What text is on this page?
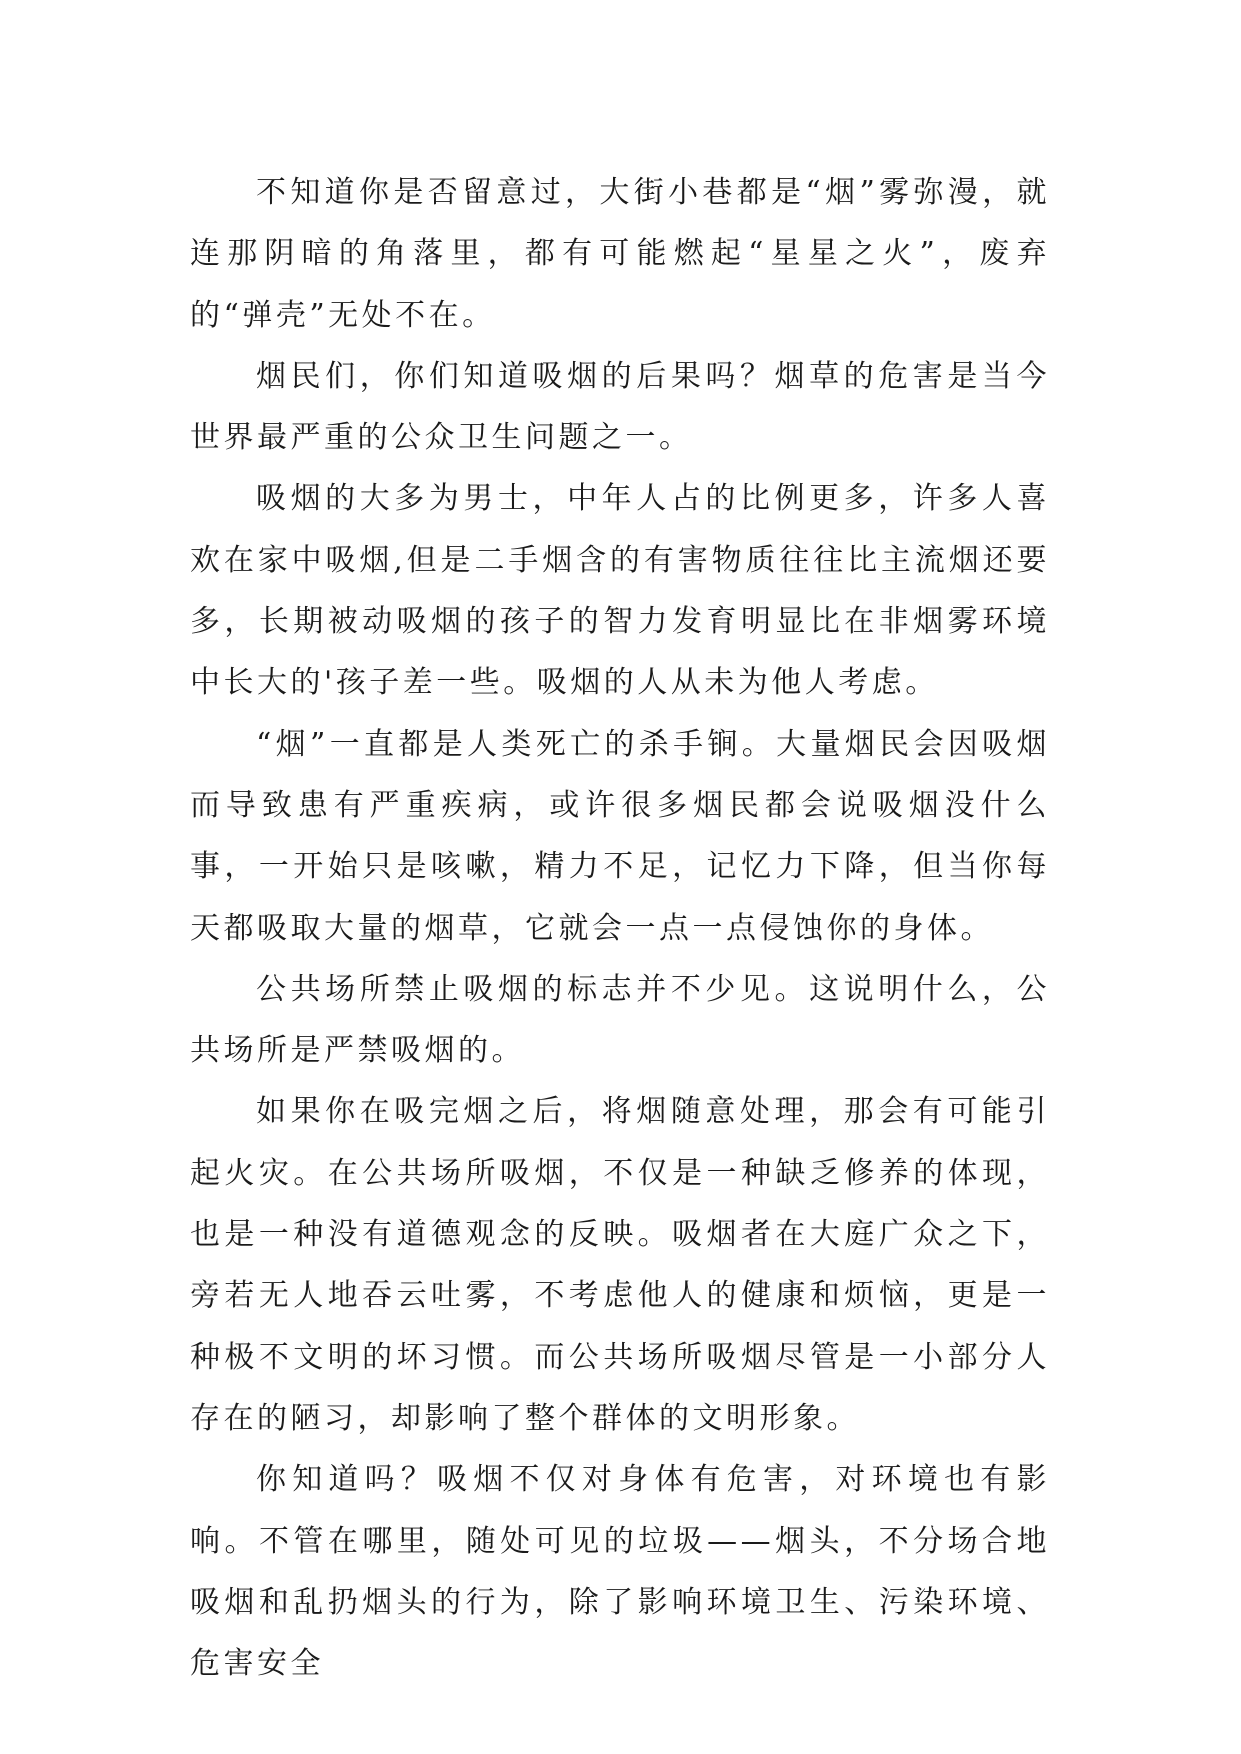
不知道你是否留意过，大街小巷都是“烟”雾弥漫，就连那阴暗的角落里，都有可能燃起“星星之火”，废弃的“弹壳”无处不在。

烟民们，你们知道吸烟的后果吗？烟草的危害是当今世界最严重的公众卫生问题之一。

吸烟的大多为男士，中年人占的比例更多，许多人喜欢在家中吸烟,但是二手烟含的有害物质往往比主流烟还要多，长期被动吸烟的孩子的智力发育明显比在非烟雾环境中长大的'孩子差一些。吸烟的人从未为他人考虑。

“烟”一直都是人类死亡的杀手锏。大量烟民会因吸烟而导致患有严重疾病，或许很多烟民都会说吸烟没什么事，一开始只是咳嗽，精力不足，记忆力下降，但当你每天都吸取大量的烟草，它就会一点一点侵蚀你的身体。

公共场所禁止吸烟的标志并不少见。这说明什么，公共场所是严禁吸烟的。

如果你在吸完烟之后，将烟随意处理，那会有可能引起火灾。在公共场所吸烟，不仅是一种缺乏修养的体现，也是一种没有道德观念的反映。吸烟者在大庭广众之下，旁若无人地吞云吐雾，不考虑他人的健康和烦恼，更是一种极不文明的坏习惯。而公共场所吸烟尽管是一小部分人存在的陋习，却影响了整个群体的文明形象。

你知道吗？吸烟不仅对身体有危害，对环境也有影响。不管在哪里，随处可见的垃圾——烟头，不分场合地吸烟和乱扔烟头的行为，除了影响环境卫生、污染环境、危害安全
